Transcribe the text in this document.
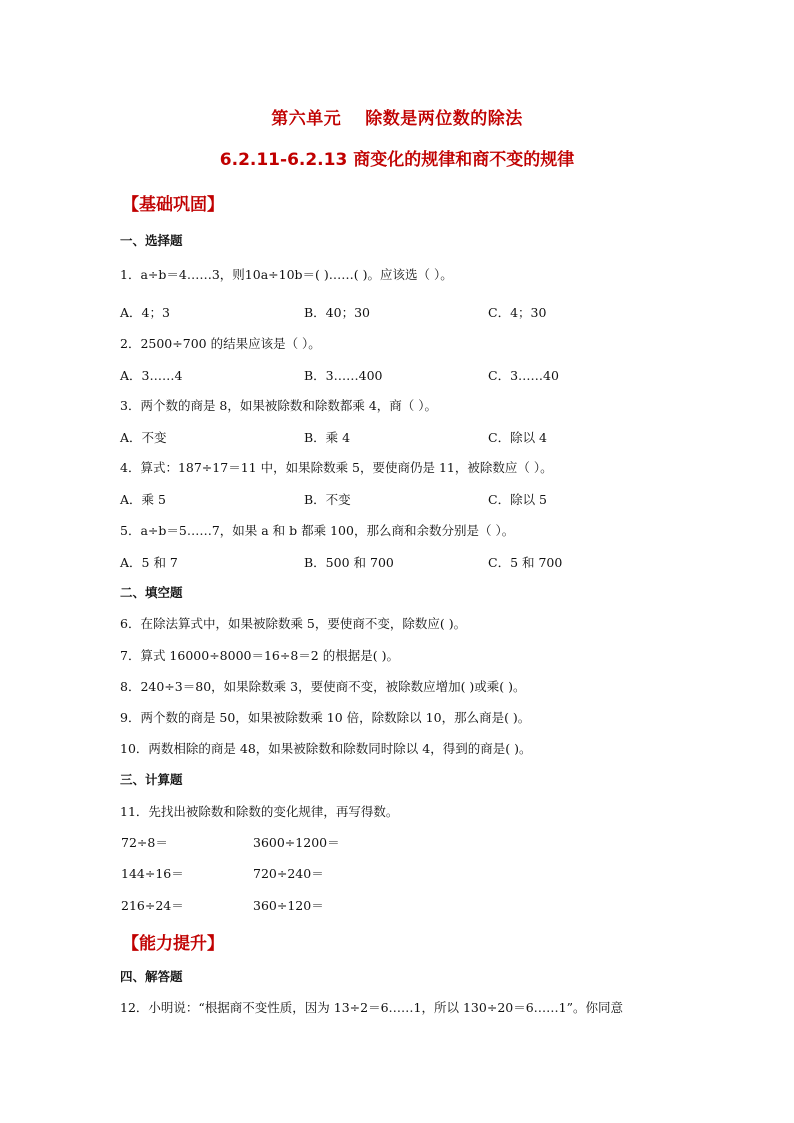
第六单元 除数是两位数的除法
6.2.11-6.2.13 商变化的规律和商不变的规律
【基础巩固】
一、选择题
1．a÷b＝4……3，则10a÷10b＝( )……( )。应该选（ ）。
A．4；3	B．40；30	C．4；30
2．2500÷700 的结果应该是（ ）。
A．3……4	B．3……400	C．3……40
3．两个数的商是 8，如果被除数和除数都乘 4，商（ ）。
A．不变	B．乘 4	C．除以 4
4．算式：187÷17＝11 中，如果除数乘 5，要使商仍是 11，被除数应（ ）。
A．乘 5	B．不变	C．除以 5
5．a÷b＝5……7，如果 a 和 b 都乘 100，那么商和余数分别是（ ）。
A．5 和 7	B．500 和 700	C．5 和 700
二、填空题
6．在除法算式中，如果被除数乘 5，要使商不变，除数应( )。
7．算式 16000÷8000＝16÷8＝2 的根据是( )。
8．240÷3＝80，如果除数乘 3，要使商不变，被除数应增加( )或乘( )。
9．两个数的商是 50，如果被除数乘 10 倍，除数除以 10，那么商是( )。
10．两数相除的商是 48，如果被除数和除数同时除以 4，得到的商是( )。
三、计算题
11．先找出被除数和除数的变化规律，再写得数。
72÷8＝	3600÷1200＝
144÷16＝	720÷240＝
216÷24＝	360÷120＝
【能力提升】
四、解答题
12．小明说：“根据商不变性质，因为 13÷2＝6……1，所以 130÷20＝6……1”。你同意
